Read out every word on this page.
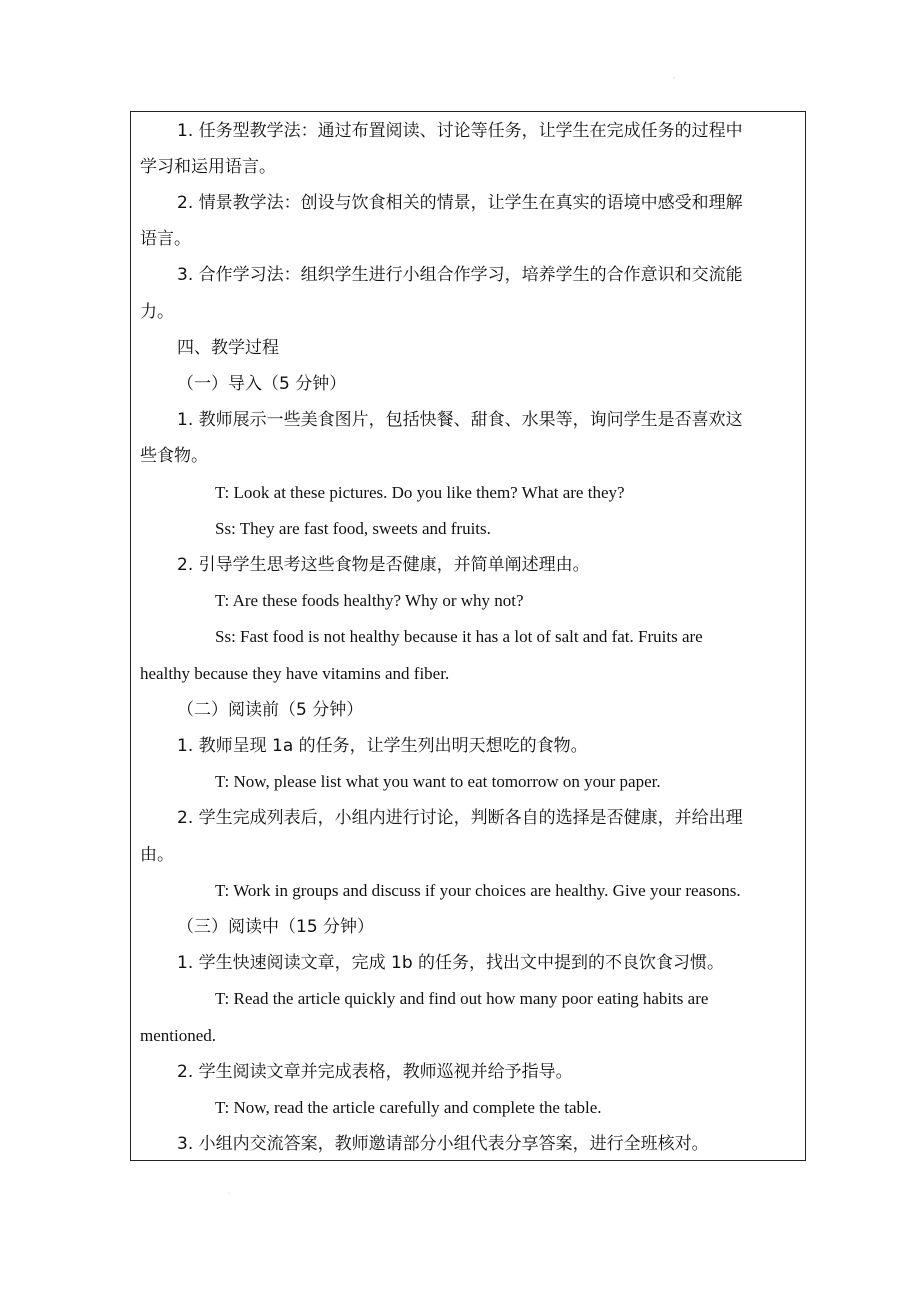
.
1. 任务型教学法：通过布置阅读、讨论等任务，让学生在完成任务的过程中
学习和运用语言。
2. 情景教学法：创设与饮食相关的情景，让学生在真实的语境中感受和理解
语言。
3. 合作学习法：组织学生进行小组合作学习，培养学生的合作意识和交流能
力。
四、教学过程
（一）导入（5 分钟）
1. 教师展示一些美食图片，包括快餐、甜食、水果等，询问学生是否喜欢这
些食物。
T: Look at these pictures. Do you like them? What are they?
Ss: They are fast food, sweets and fruits.
2. 引导学生思考这些食物是否健康，并简单阐述理由。
T: Are these foods healthy? Why or why not?
Ss: Fast food is not healthy because it has a lot of salt and fat. Fruits are
healthy because they have vitamins and fiber.
（二）阅读前（5 分钟）
1. 教师呈现 1a 的任务，让学生列出明天想吃的食物。
T: Now, please list what you want to eat tomorrow on your paper.
2. 学生完成列表后，小组内进行讨论，判断各自的选择是否健康，并给出理
由。
T: Work in groups and discuss if your choices are healthy. Give your reasons.
（三）阅读中（15 分钟）
1. 学生快速阅读文章，完成 1b 的任务，找出文中提到的不良饮食习惯。
T: Read the article quickly and find out how many poor eating habits are
mentioned.
2. 学生阅读文章并完成表格，教师巡视并给予指导。
T: Now, read the article carefully and complete the table.
3. 小组内交流答案，教师邀请部分小组代表分享答案，进行全班核对。
.
